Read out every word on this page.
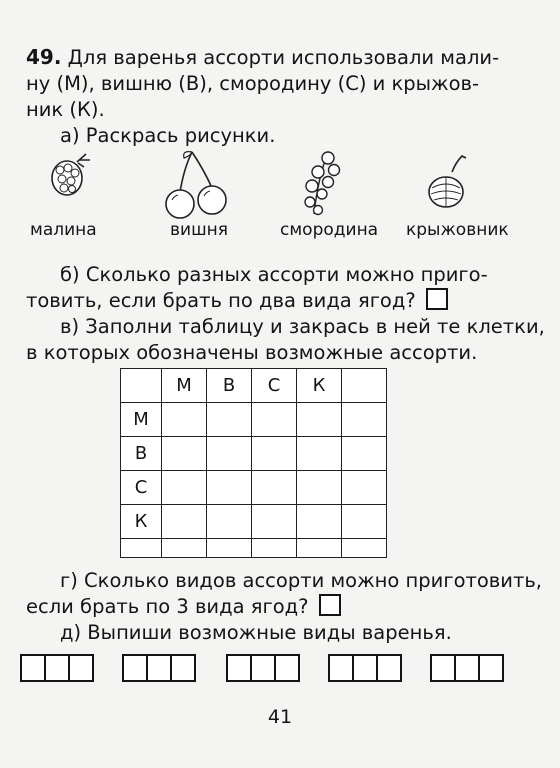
49. Для варенья ассорти использовали мали-
ну (М), вишню (В), смородину (С) и крыжов-
ник (К).
а) Раскрась рисунки.
малина	вишня	смородина крыжовник
б) Сколько разных ассорти можно приго-
товить, если брать по два вида ягод?
в) Заполни таблицу и закрась в ней те клетки,
в которых обозначены возможные ассорти.
	М	В	С	К	
М					
В					
С					
К					

г) Сколько видов ассорти можно приготовить,
если брать по 3 вида ягод?
д) Выпиши возможные виды варенья.
41
